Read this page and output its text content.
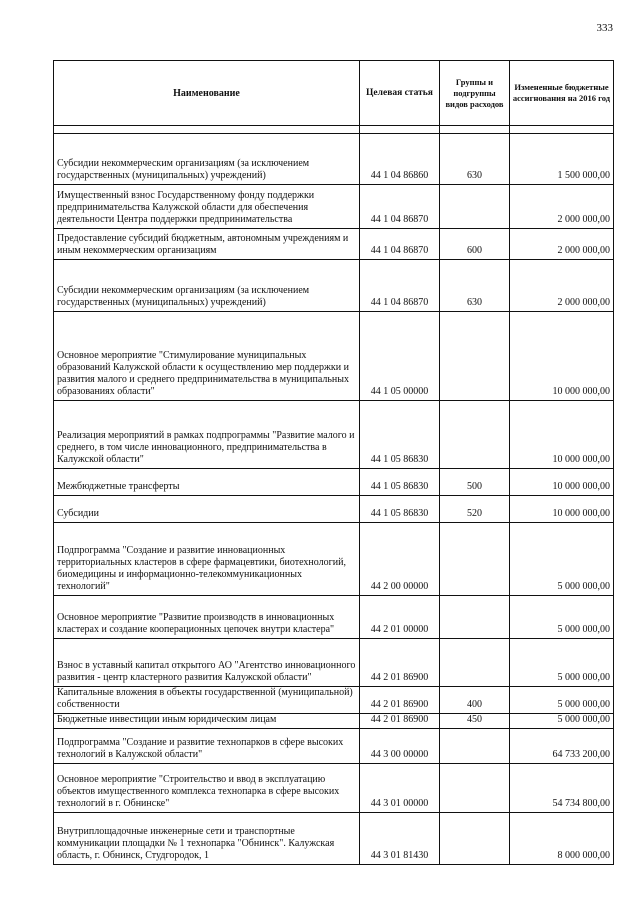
333
Наименование	Целевая статья	Группы и подгруппы видов расходов	Измененные бюджетные ассигнования на 2016 год

Субсидии некоммерческим организациям (за исключением государственных (муниципальных) учреждений)	44 1 04 86860	630	1 500 000,00
Имущественный взнос Государственному фонду поддержки предпринимательства Калужской области для обеспечения деятельности Центра поддержки предпринимательства	44 1 04 86870		2 000 000,00
Предоставление субсидий бюджетным, автономным учреждениям и иным некоммерческим организациям	44 1 04 86870	600	2 000 000,00
Субсидии некоммерческим организациям (за исключением государственных (муниципальных) учреждений)	44 1 04 86870	630	2 000 000,00
Основное мероприятие "Стимулирование муниципальных образований Калужской области к осуществлению мер поддержки и развития малого и среднего предпринимательства в муниципальных образованиях области"	44 1 05 00000		10 000 000,00
Реализация мероприятий в рамках подпрограммы "Развитие малого и среднего, в том числе инновационного, предпринимательства в Калужской области"	44 1 05 86830		10 000 000,00
Межбюджетные трансферты	44 1 05 86830	500	10 000 000,00
Субсидии	44 1 05 86830	520	10 000 000,00
Подпрограмма "Создание и развитие инновационных территориальных кластеров в сфере фармацевтики, биотехнологий, биомедицины и информационно-телекоммуникационных технологий"	44 2 00 00000		5 000 000,00
Основное мероприятие "Развитие производств в инновационных кластерах и создание кооперационных цепочек внутри кластера"	44 2 01 00000		5 000 000,00
Взнос в уставный капитал открытого АО "Агентство инновационного развития - центр кластерного развития Калужской области"	44 2 01 86900		5 000 000,00
Капитальные вложения в объекты государственной (муниципальной) собственности	44 2 01 86900	400	5 000 000,00
Бюджетные инвестиции иным юридическим лицам	44 2 01 86900	450	5 000 000,00
Подпрограмма "Создание и развитие технопарков в сфере высоких технологий в Калужской области"	44 3 00 00000		64 733 200,00
Основное мероприятие "Строительство и ввод в эксплуатацию объектов имущественного комплекса технопарка в сфере высоких технологий в г. Обнинске"	44 3 01 00000		54 734 800,00
Внутриплощадочные инженерные сети и транспортные коммуникации площадки № 1 технопарка "Обнинск". Калужская область, г. Обнинск, Студгородок, 1	44 3 01 81430		8 000 000,00
